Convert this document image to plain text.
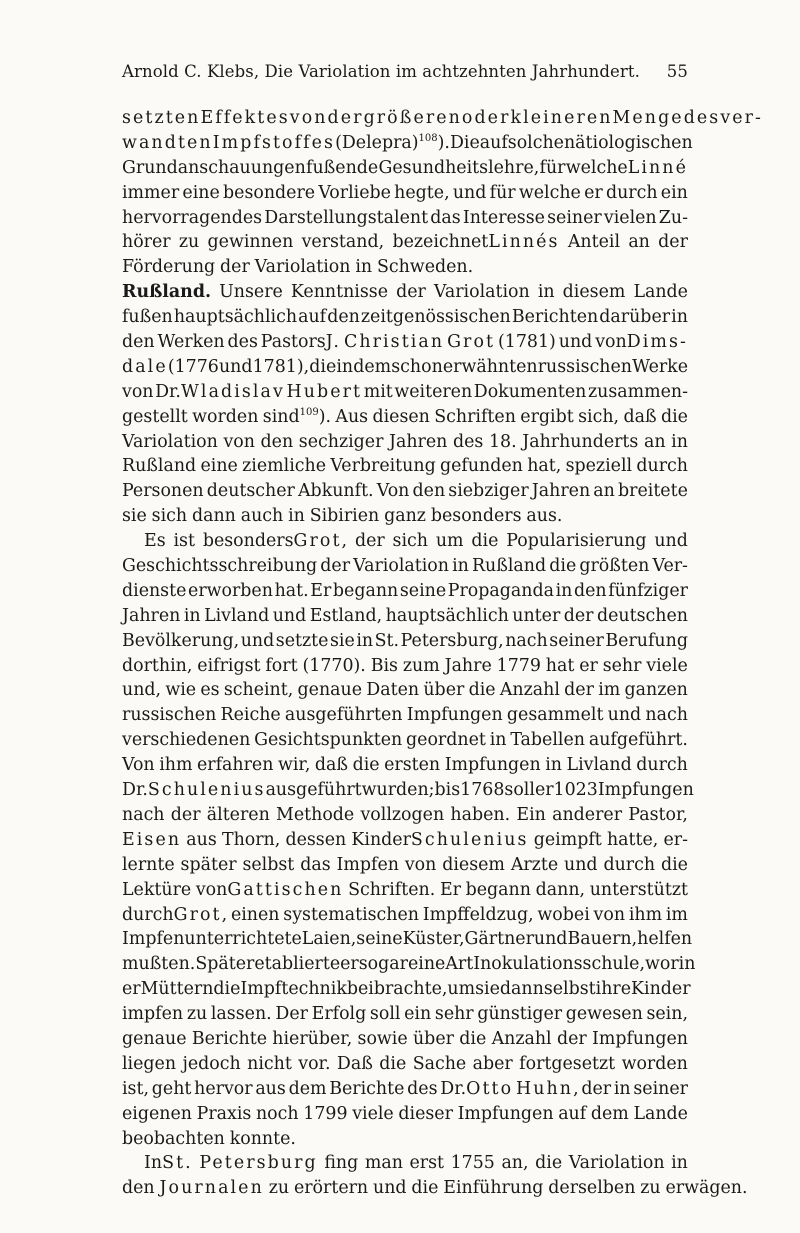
Arnold C. Klebs, Die Variolation im achtzehnten Jahrhundert. 55
setzten Effektes von der größeren oder kleineren Menge des ver-
wandten Impfstoffes (De lepra)$^{108}$). Die auf solchen ätiologischen
Grundanschauungen fußende Gesundheitslehre, für welcheLinné
immer eine besondere Vorliebe hegte, und für welche er durch ein
hervorragendes Darstellungstalent das Interesse seiner vielen Zu-
hörer zu gewinnen verstand, bezeichnetLinnés Anteil an der
Förderung der Variolation in Schweden.
Rußland. Unsere Kenntnisse der Variolation in diesem Lande
fußen hauptsächlich auf den zeitgenössischen Berichten darüber in
den Werken des PastorsJ. Christian Grot (1781) und vonDims-
dale (1776 und 1781), die in dem schon erwähnten russischen Werke
von Dr.Wladislav Hubert mit weiteren Dokumenten zusammen-
gestellt worden sind$^{109}$). Aus diesen Schriften ergibt sich, daß die
Variolation von den sechziger Jahren des 18. Jahrhunderts an in
Rußland eine ziemliche Verbreitung gefunden hat, speziell durch
Personen deutscher Abkunft. Von den siebziger Jahren an breitete
sie sich dann auch in Sibirien ganz besonders aus.
Es ist besondersGrot, der sich um die Popularisierung und
Geschichtsschreibung der Variolation in Rußland die größten Ver-
dienste erworben hat. Er begann seine Propaganda in den fünfziger
Jahren in Livland und Estland, hauptsächlich unter der deutschen
Bevölkerung, und setzte sie in St. Petersburg, nach seiner Berufung
dorthin, eifrigst fort (1770). Bis zum Jahre 1779 hat er sehr viele
und, wie es scheint, genaue Daten über die Anzahl der im ganzen
russischen Reiche ausgeführten Impfungen gesammelt und nach
verschiedenen Gesichtspunkten geordnet in Tabellen aufgeführt.
Von ihm erfahren wir, daß die ersten Impfungen in Livland durch
Dr.Schulenius ausgeführt wurden; bis 1768 soll er 1023 Impfungen
nach der älteren Methode vollzogen haben. Ein anderer Pastor,
Eisen aus Thorn, dessen KinderSchulenius geimpft hatte, er-
lernte später selbst das Impfen von diesem Arzte und durch die
Lektüre vonGattischen Schriften. Er begann dann, unterstützt
durchGrot, einen systematischen Impffeldzug, wobei von ihm im
Impfen unterrichtete Laien, seine Küster, Gärtner und Bauern, helfen
mußten. Später etablierte er sogar eine Art Inokulationsschule, worin
er Müttern die Impftechnik beibrachte, um sie dann selbst ihre Kinder
impfen zu lassen. Der Erfolg soll ein sehr günstiger gewesen sein,
genaue Berichte hierüber, sowie über die Anzahl der Impfungen
liegen jedoch nicht vor. Daß die Sache aber fortgesetzt worden
ist, geht hervor aus dem Berichte des Dr.Otto Huhn, der in seiner
eigenen Praxis noch 1799 viele dieser Impfungen auf dem Lande
beobachten konnte.
InSt. Petersburg fing man erst 1755 an, die Variolation in
den Journalen zu erörtern und die Einführung derselben zu erwägen.
